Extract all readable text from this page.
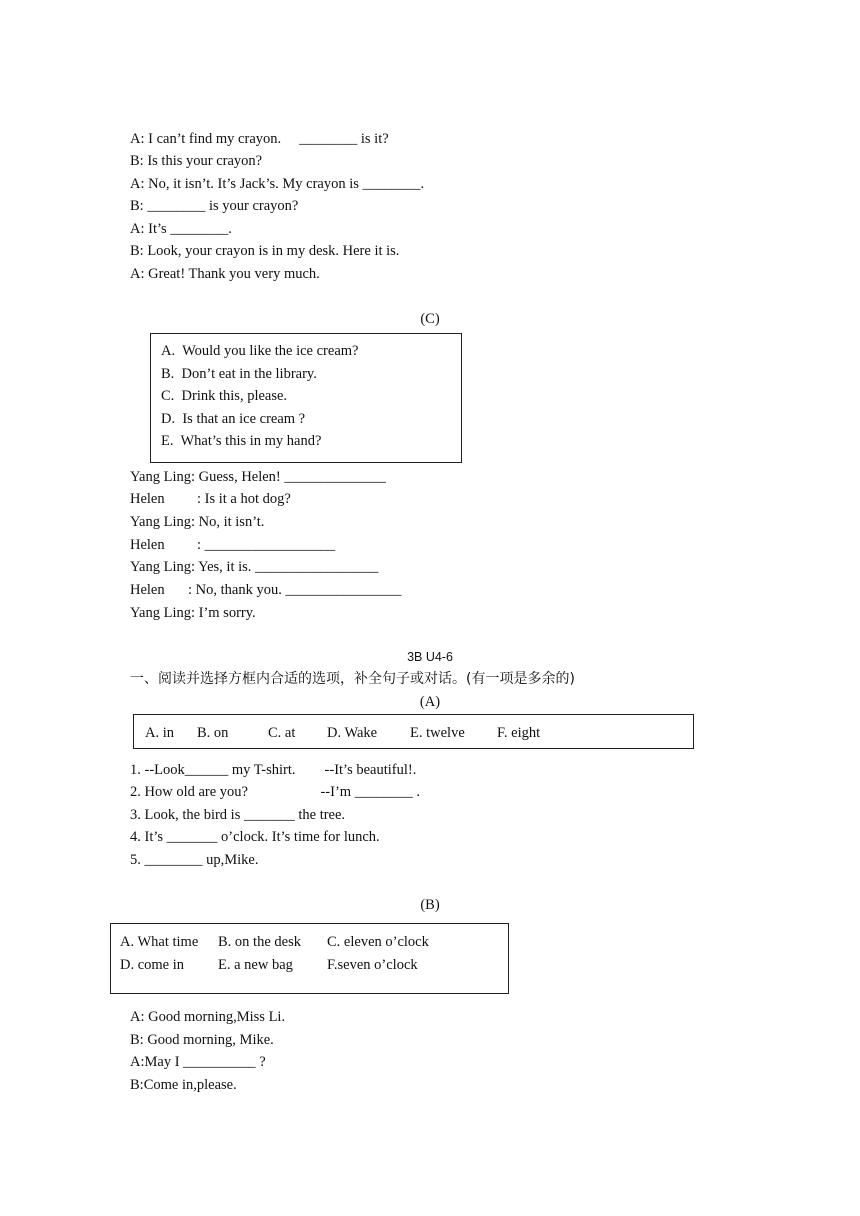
A: I can’t find my crayon.     ________ is it?
B: Is this your crayon?
A: No, it isn’t. It’s Jack’s. My crayon is ________.
B: ________ is your crayon?
A: It’s ________.
B: Look, your crayon is in my desk. Here it is.
A: Great! Thank you very much.
(C)
A.  Would you like the ice cream?
B.  Don’t eat in the library.
C.  Drink this, please.
D.  Is that an ice cream ?
E.  What’s this in my hand?
Yang Ling: Guess, Helen! ______________
Helen : Is it a hot dog?
Yang Ling: No, it isn’t.
Helen : __________________
Yang Ling: Yes, it is. _________________
Helen : No, thank you. ________________
Yang Ling: I’m sorry.
3B U4-6
一、阅读并选择方框内合适的选项，补全句子或对话。(有一项是多余的)
(A)
A. in B. on	C. at D. Wake E. twelve F. eight
1. --Look______ my T-shirt.        --It’s beautiful!.
2. How old are you?                    --I’m ________ .
3. Look, the bird is _______ the tree.
4. It’s _______ o’clock. It’s time for lunch.
5. ________ up,Mike.
(B)
A. What time B. on the desk C. eleven o’clock
D. come in E. a new bag F.seven o’clock
A: Good morning,Miss Li.
B: Good morning, Mike.
A:May I __________ ?
B:Come in,please.
